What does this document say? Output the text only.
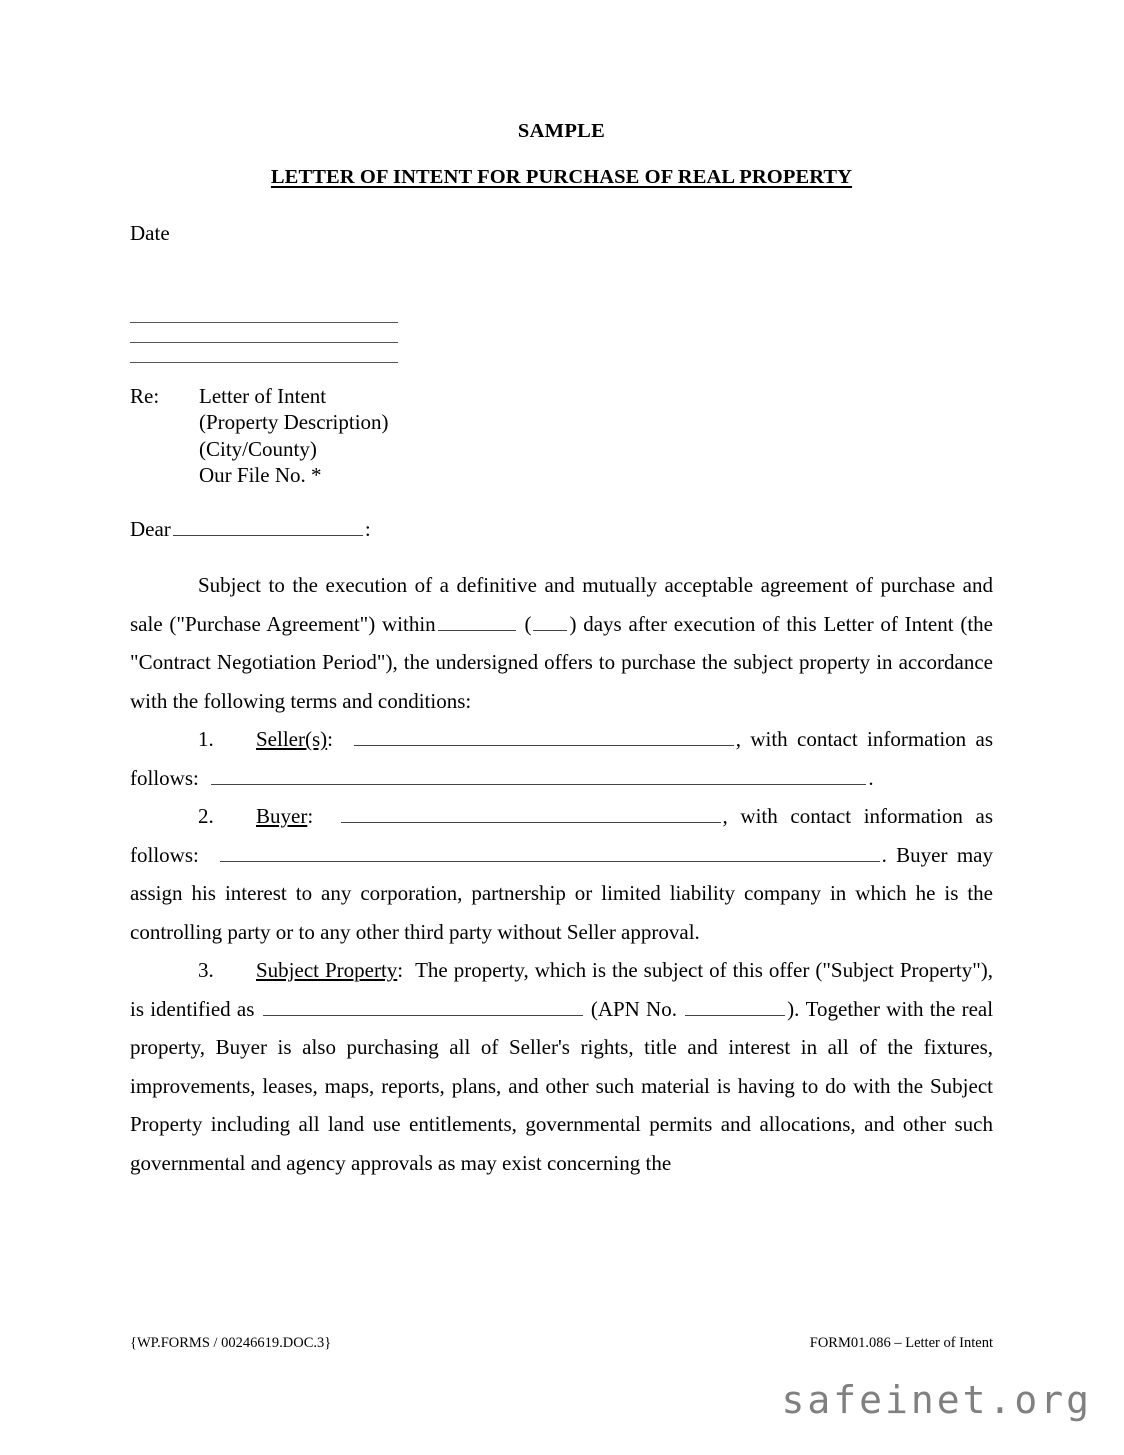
SAMPLE
LETTER OF INTENT FOR PURCHASE OF REAL PROPERTY
Date
Re:	Letter of Intent
(Property Description)
(City/County)
Our File No. *
Dear	:

Subject to the execution of a definitive and mutually acceptable agreement of purchase and sale ("Purchase Agreement") within	( ) days after execution of this Letter of Intent (the "Contract Negotiation Period"), the undersigned offers to purchase the subject property in accordance with the following terms and conditions:

1. Seller(s):	, with contact information as follows:	.

2. Buyer:	, with contact information as follows:	. Buyer may assign his interest to any corporation, partnership or limited liability company in which he is the controlling party or to any other third party without Seller approval.

3. Subject Property: The property, which is the subject of this offer ("Subject Property"), is identified as	(APN No.	). Together with the real property, Buyer is also purchasing all of Seller's rights, title and interest in all of the fixtures, improvements, leases, maps, reports, plans, and other such material is having to do with the Subject Property including all land use entitlements, governmental permits and allocations, and other such governmental and agency approvals as may exist concerning the

{WP.FORMS / 00246619.DOC.3}	FORM01.086 – Letter of Intent
safeinet.org
